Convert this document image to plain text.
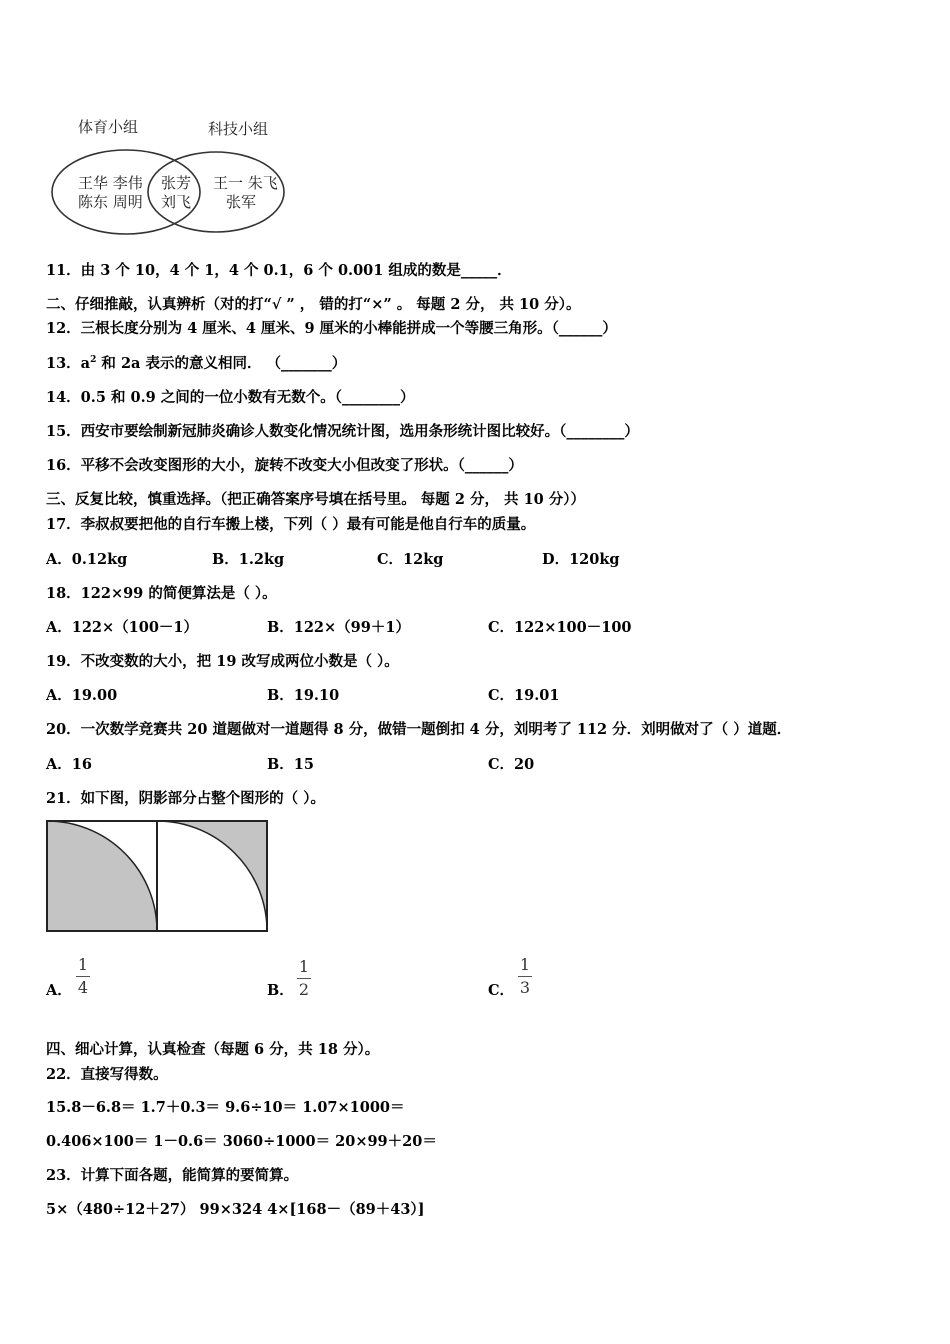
体育小组	科技小组
王华 李伟
陈东 周明
张芳
刘飞
王一 朱飞
张军
11．由 3 个 10，4 个 1，4 个 0.1，6 个 0.001 组成的数是_____．
二、仔细推敲，认真辨析（对的打“√ ” ， 错的打“×” 。 每题 2 分， 共 10 分）。
12．三根长度分别为 4 厘米、4 厘米、9 厘米的小棒能拼成一个等腰三角形。（______）
13．$a^2$ 和 2a 表示的意义相同． （_______）
14．0.5 和 0.9 之间的一位小数有无数个。（________）
15．西安市要绘制新冠肺炎确诊人数变化情况统计图，选用条形统计图比较好。（________）
16．平移不会改变图形的大小，旋转不改变大小但改变了形状。（______）
三、反复比较，慎重选择。（把正确答案序号填在括号里。 每题 2 分， 共 10 分））
17．李叔叔要把他的自行车搬上楼，下列（ ）最有可能是他自行车的质量。
A．0.12kg	B．1.2kg	C．12kg	D．120kg
18．122×99 的简便算法是（ ）。
A．122×（100－1）	B．122×（99＋1）	C．122×100－100
19．不改变数的大小，把 19 改写成两位小数是（ ）。
A．19.00	B．19.10	C．19.01
20．一次数学竞赛共 20 道题做对一道题得 8 分，做错一题倒扣 4 分，刘明考了 112 分．刘明做对了（ ）道题．
A．16	B．15	C．20
21．如下图，阴影部分占整个图形的（ ）。
A．
1
4	B．
1
2	C．
1
3
四、细心计算，认真检查（每题 6 分，共 18 分）。
22．直接写得数。
15.8－6.8＝ 1.7＋0.3＝ 9.6÷10＝ 1.07×1000＝
0.406×100＝ 1－0.6＝ 3060÷1000＝ 20×99＋20＝
23．计算下面各题，能简算的要简算。
5×（480÷12＋27） 99×324 4×[168－（89＋43）]
